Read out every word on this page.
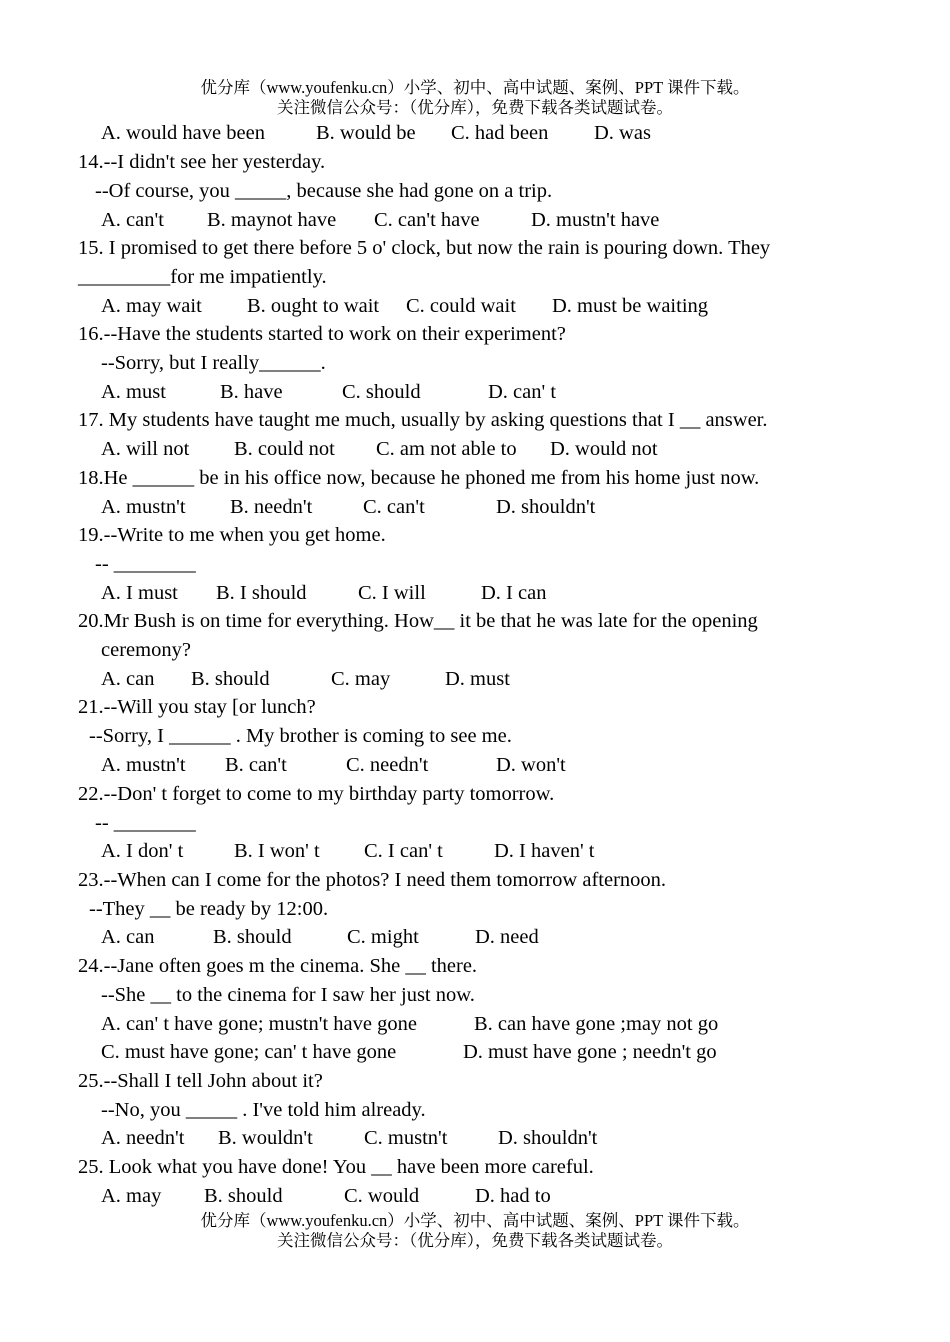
优分库（www.youfenku.cn）小学、初中、高中试题、案例、PPT 课件下载。
关注微信公众号：（优分库），免费下载各类试题试卷。
A. would have been B. would be C. had been D. was
14.--I didn't see her yesterday.
--Of course, you _____, because she had gone on a trip.
A. can't B. maynot have C. can't have	D. mustn't have
15. I promised to get there before 5 o' clock, but now the rain is pouring down. They
_________for me impatiently.
A. may wait B. ought to wait C. could wait D. must be waiting
16.--Have the students started to work on their experiment?
--Sorry, but I really______.
A. must	B. have	C. should	D. can' t
17. My students have taught me much, usually by asking questions that I __ answer.
A. will not B. could not C. am not able to D. would not
18.He ______ be in his office now, because he phoned me from his home just now.
A. mustn't B. needn't C. can't	D. shouldn't
19.--Write to me when you get home.
-- ________
A. I must B. I should	C. I will	D. I can
20.Mr Bush is on time for everything. How__ it be that he was late for the opening
ceremony?
A. can B. should	C. may	D. must
21.--Will you stay [or lunch?
--Sorry, I ______ . My brother is coming to see me.
A. mustn't B. can't	C. needn't	D. won't
22.--Don' t forget to come to my birthday party tomorrow.
-- ________
A. I don' t B. I won' t C. I can' t D. I haven' t
23.--When can I come for the photos? I need them tomorrow afternoon.
--They __ be ready by 12:00.
A. can	B. should	C. might	D. need
24.--Jane often goes m the cinema. She __ there.
--She __ to the cinema for I saw her just now.
A. can' t have gone; mustn't have gone	B. can have gone ;may not go
C. must have gone; can' t have gone	D. must have gone ; needn't go
25.--Shall I tell John about it?
--No, you _____ . I've told him already.
A. needn't B. wouldn't C. mustn't D. shouldn't
25. Look what you have done! You __ have been more careful.
A. may B. should	C. would	D. had to
优分库（www.youfenku.cn）小学、初中、高中试题、案例、PPT 课件下载。
关注微信公众号：（优分库），免费下载各类试题试卷。
